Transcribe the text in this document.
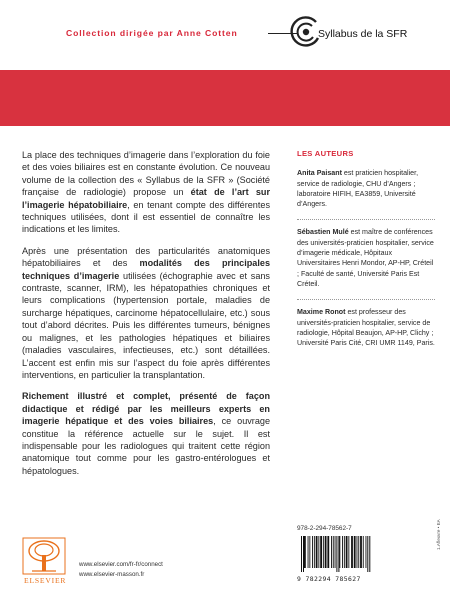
Collection dirigée par Anne Cotten	Syllabus de la SFR

La place des techniques d’imagerie dans l’exploration du foie et des voies biliaires est en constante évolution. Ce nouveau volume de la collection des « Syllabus de la SFR » (Société française de radiologie) propose un état de l’art sur l’imagerie hépatobiliaire, en tenant compte des différentes techniques utilisées, dont il est essentiel de connaître les indications et les limites.

Après une présentation des particularités anatomiques hépatobiliaires et des modalités des principales techniques d’imagerie utilisées (échographie avec et sans contraste, scanner, IRM), les hépatopathies chroniques et leurs complications (hypertension portale, maladies de surcharge hépatiques, carcinome hépatocellulaire, etc.) sous tout d’abord décrites. Puis les différentes tumeurs, bénignes ou malignes, et les pathologies hépatiques et biliaires (maladies vasculaires, infectieuses, etc.) sont détaillées. L’accent est enfin mis sur l’aspect du foie après différentes interventions, en particulier la transplantation.

Richement illustré et complet, présenté de façon didactique et rédigé par les meilleurs experts en imagerie hépatique et des voies biliaires, ce ouvrage constitue la référence actuelle sur le sujet. Il est indispensable pour les radiologues qui traitent cette région anatomique tout comme pour les gastro-entérologues et hépatologues.

LES AUTEURS

Anita Paisant est praticien hospitalier, service de radiologie, CHU d’Angers ; laboratoire HIFIH, EA3859, Université d’Angers.

Sébastien Mulé est maître de conférences des universités-praticien hospitalier, service d’imagerie médicale, Hôpitaux Universitaires Henri Mondor, AP-HP, Créteil ; Faculté de santé, Université Paris Est Créteil.

Maxime Ronot est professeur des universités-praticien hospitalier, service de radiologie, Hôpital Beaujon, AP-HP, Clichy ; Université Paris Cité, CRI UMR 1149, Paris.

978-2-294-78562-7
9 782294 785627
1.Aflexvre • EA
ELSEVIER
www.elsevier.com/fr-fr/connect
www.elsevier-masson.fr
